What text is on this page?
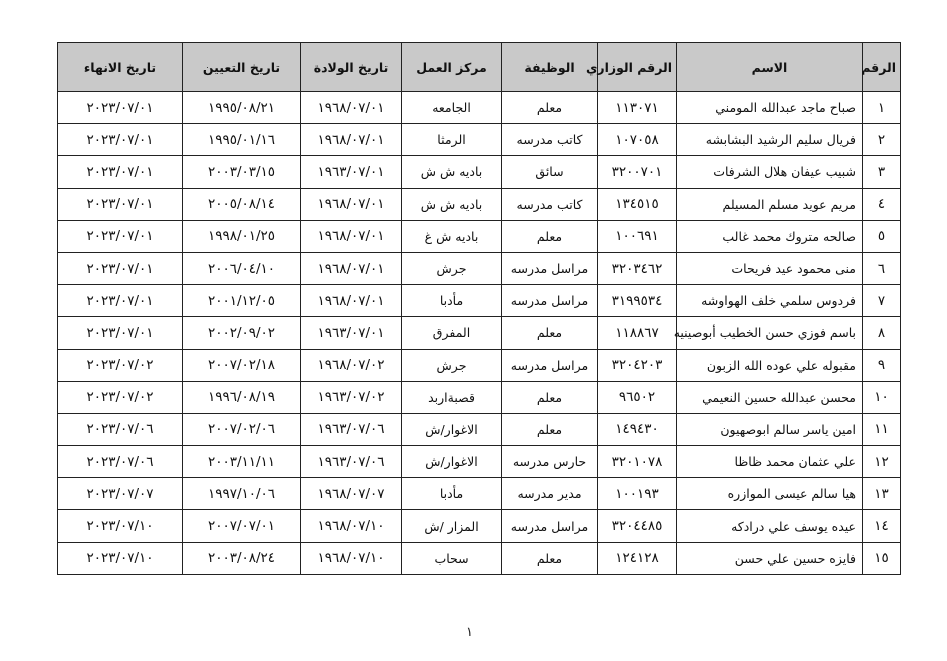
الرقم	الاسم	الرقم الوزاري	الوظيفة	مركز العمل	تاريخ الولادة	تاريخ التعيين	تاريخ الانهاء
١	صباح ماجد عبدالله المومني	١١٣٠٧١	معلم	الجامعه	١٩٦٨/٠٧/٠١	١٩٩٥/٠٨/٢١	٢٠٢٣/٠٧/٠١
٢	فريال سليم الرشيد البشابشه	١٠٧٠٥٨	كاتب مدرسه	الرمثا	١٩٦٨/٠٧/٠١	١٩٩٥/٠١/١٦	٢٠٢٣/٠٧/٠١
٣	شبيب عيفان هلال الشرفات	٣٢٠٠٧٠١	سائق	باديه ش ش	١٩٦٣/٠٧/٠١	٢٠٠٣/٠٣/١٥	٢٠٢٣/٠٧/٠١
٤	مريم عويد مسلم المسيلم	١٣٤٥١٥	كاتب مدرسه	باديه ش ش	١٩٦٨/٠٧/٠١	٢٠٠٥/٠٨/١٤	٢٠٢٣/٠٧/٠١
٥	صالحه متروك محمد غالب	١٠٠٦٩١	معلم	باديه ش غ	١٩٦٨/٠٧/٠١	١٩٩٨/٠١/٢٥	٢٠٢٣/٠٧/٠١
٦	منى محمود عيد فريحات	٣٢٠٣٤٦٢	مراسل مدرسه	جرش	١٩٦٨/٠٧/٠١	٢٠٠٦/٠٤/١٠	٢٠٢٣/٠٧/٠١
٧	فردوس سلمي خلف الهواوشه	٣١٩٩٥٣٤	مراسل مدرسه	مأدبا	١٩٦٨/٠٧/٠١	٢٠٠١/١٢/٠٥	٢٠٢٣/٠٧/٠١
٨	باسم فوزي حسن الخطيب أبوصينيه	١١٨٨٦٧	معلم	المفرق	١٩٦٣/٠٧/٠١	٢٠٠٢/٠٩/٠٢	٢٠٢٣/٠٧/٠١
٩	مقبوله علي عوده الله الزبون	٣٢٠٤٢٠٣	مراسل مدرسه	جرش	١٩٦٨/٠٧/٠٢	٢٠٠٧/٠٢/١٨	٢٠٢٣/٠٧/٠٢
١٠	محسن عبدالله حسين النعيمي	٩٦٥٠٢	معلم	قصبةاربد	١٩٦٣/٠٧/٠٢	١٩٩٦/٠٨/١٩	٢٠٢٣/٠٧/٠٢
١١	امين ياسر سالم ابوصهيون	١٤٩٤٣٠	معلم	الاغوار/ش	١٩٦٣/٠٧/٠٦	٢٠٠٧/٠٢/٠٦	٢٠٢٣/٠٧/٠٦
١٢	علي عثمان محمد ظاظا	٣٢٠١٠٧٨	حارس مدرسه	الاغوار/ش	١٩٦٣/٠٧/٠٦	٢٠٠٣/١١/١١	٢٠٢٣/٠٧/٠٦
١٣	هيا سالم عيسى الموازره	١٠٠١٩٣	مدير مدرسه	مأدبا	١٩٦٨/٠٧/٠٧	١٩٩٧/١٠/٠٦	٢٠٢٣/٠٧/٠٧
١٤	عيده يوسف علي درادكه	٣٢٠٤٤٨٥	مراسل مدرسه	المزار /ش	١٩٦٨/٠٧/١٠	٢٠٠٧/٠٧/٠١	٢٠٢٣/٠٧/١٠
١٥	فايزه حسين علي حسن	١٢٤١٢٨	معلم	سحاب	١٩٦٨/٠٧/١٠	٢٠٠٣/٠٨/٢٤	٢٠٢٣/٠٧/١٠
١
